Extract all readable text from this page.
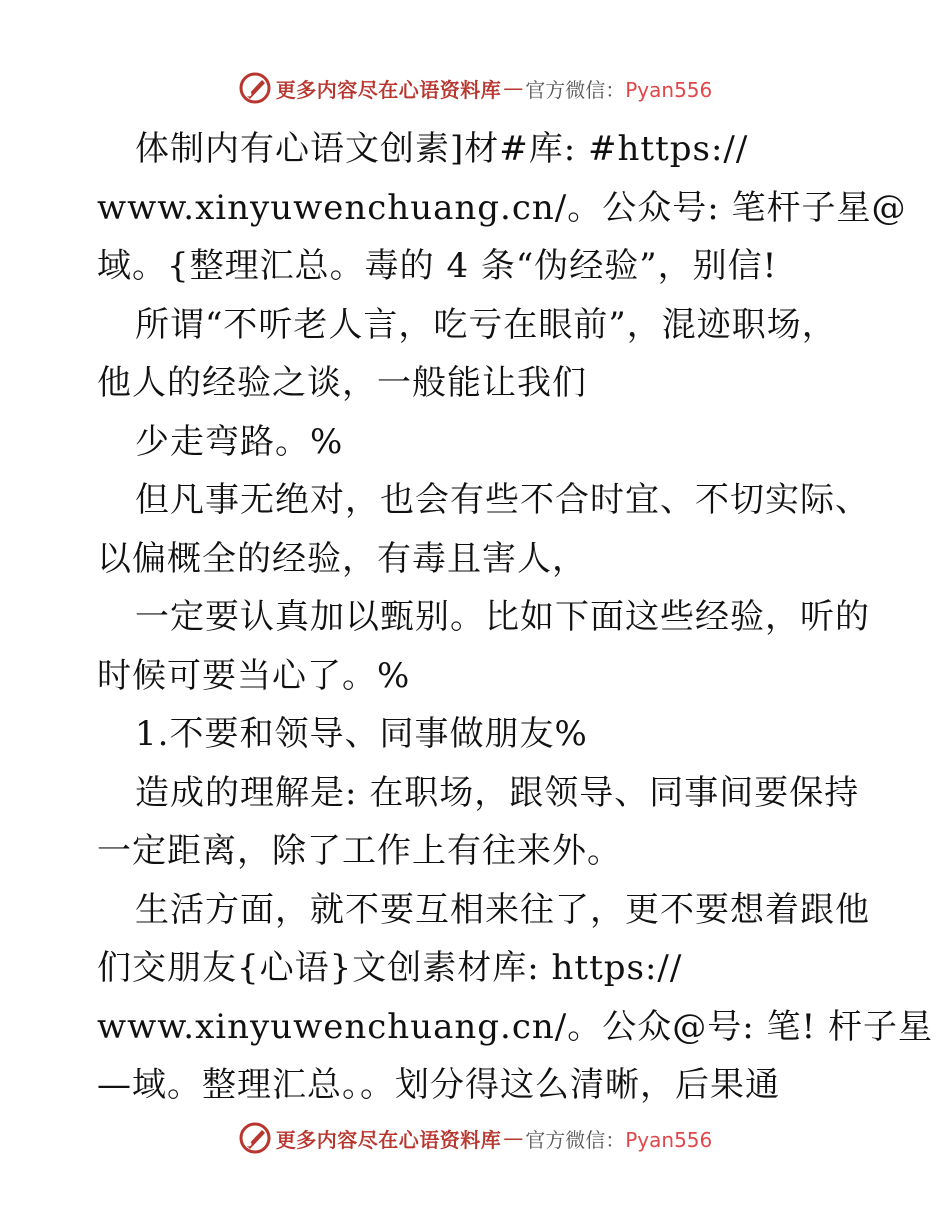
更多内容尽在心语资料库 — 官方微信：Pyan556
体制内有心语文创素]材#库: #https://
www.xinyuwenchuang.cn/。公众号: 笔杆子星@
域。{整理汇总。毒的 4 条“伪经验”，别信!
所谓“不听老人言，吃亏在眼前”，混迹职场，
他人的经验之谈，一般能让我们
少走弯路。%
但凡事无绝对，也会有些不合时宜、不切实际、
以偏概全的经验，有毒且害人，
一定要认真加以甄别。比如下面这些经验，听的
时候可要当心了。%
1.不要和领导、同事做朋友%
造成的理解是: 在职场，跟领导、同事间要保持
一定距离，除了工作上有往来外。
生活方面，就不要互相来往了，更不要想着跟他
们交朋友{心语}文创素材库: https://
www.xinyuwenchuang.cn/。公众@号: 笔! 杆子星
—域。整理汇总。。划分得这么清晰，后果通
更多内容尽在心语资料库 — 官方微信：Pyan556
